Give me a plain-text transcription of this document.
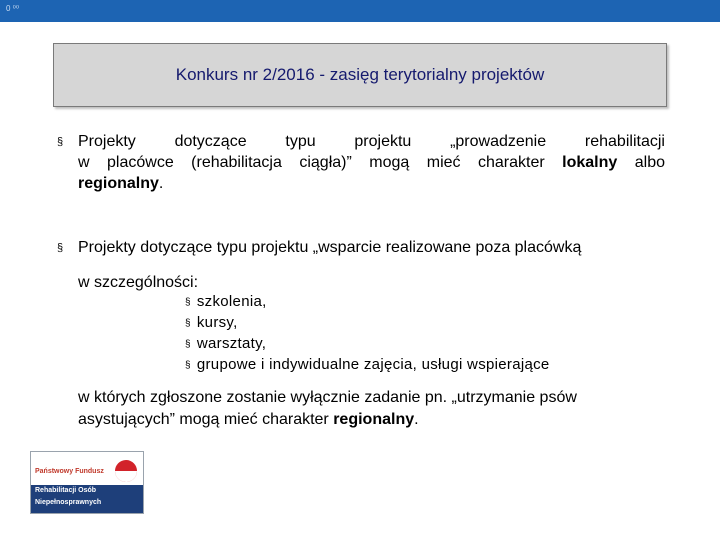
0 ⁰⁰
Konkurs nr 2/2016 - zasięg terytorialny projektów
§ Projekty dotyczące typu projektu „prowadzenie rehabilitacji
w placówce (rehabilitacja ciągła)” mogą mieć charakter lokalny albo
regionalny.
§ Projekty dotyczące typu projektu „wsparcie realizowane poza placówką
w szczególności:
§ szkolenia,
§ kursy,
§ warsztaty,
§ grupowe i indywidualne zajęcia, usługi wspierające
w których zgłoszone zostanie wyłącznie zadanie pn. „utrzymanie psów
asystujących” mogą mieć charakter regionalny.
Państwowy Fundusz
Rehabilitacji Osób
Niepełnosprawnych
